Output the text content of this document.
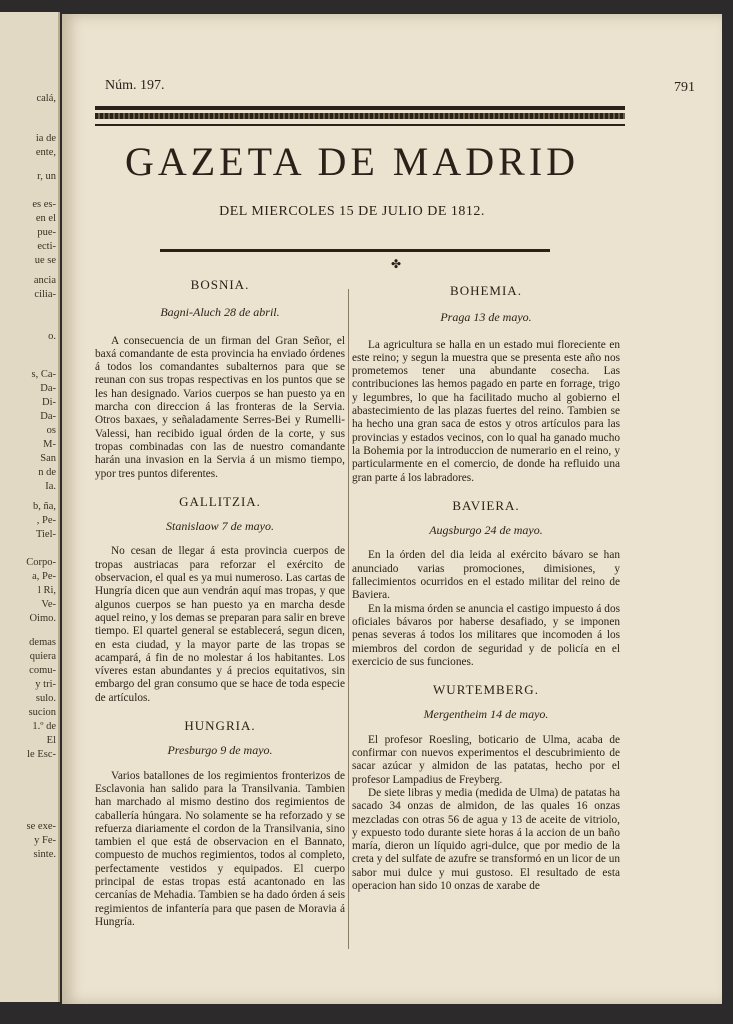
calá,
ia de
ente,
r, un
es es-
en el
pue-
ecti-
ue se
ancia
cilia-
o.
s, Ca-
Da-
Di-
Da-
os
M-
San
n de
Ia.
b, ña,
, Pe-
Tiel-
Corpo-
a, Pe-
l Ri,
Ve-
Oimo.
demas
quiera
comu-
y tri-
sulo.
sucion
1.º de
El
le Esc-
se exe-
y Fe-
sinte.
Núm. 197.	791
GAZETA DE MADRID
DEL MIERCOLES 15 DE JULIO DE 1812.
✤
BOSNIA.
Bagni-Aluch 28 de abril.

A consecuencia de un firman del Gran Señor, el baxá comandante de esta provincia ha enviado órdenes á todos los comandantes subalternos para que se reunan con sus tropas respectivas en los puntos que se les han designado. Varios cuerpos se han puesto ya en marcha con direccion á las fronteras de la Servia. Otros baxaes, y señaladamente Serres-Bei y Rumelli-Valessi, han recibido igual órden de la corte, y sus tropas combinadas con las de nuestro comandante harán una invasion en la Servia á un mismo tiempo, ypor tres puntos diferentes.

GALLITZIA.
Stanislaow 7 de mayo.

No cesan de llegar á esta provincia cuerpos de tropas austriacas para reforzar el exército de observacion, el qual es ya mui numeroso. Las cartas de Hungría dicen que aun vendrán aquí mas tropas, y que algunos cuerpos se han puesto ya en marcha desde aquel reino, y los demas se preparan para salir en breve tiempo. El quartel general se establecerá, segun dicen, en esta ciudad, y la mayor parte de las tropas se acampará, á fin de no molestar á los habitantes. Los víveres estan abundantes y á precios equitativos, sin embargo del gran consumo que se hace de toda especie de artículos.

HUNGRIA.
Presburgo 9 de mayo.

Varios batallones de los regimientos fronterizos de Esclavonia han salido para la Transilvania. Tambien han marchado al mismo destino dos regimientos de caballería húngara. No solamente se ha reforzado y se refuerza diariamente el cordon de la Transilvania, sino tambien el que está de observacion en el Bannato, compuesto de muchos regimientos, todos al completo, perfectamente vestidos y equipados. El cuerpo principal de estas tropas está acantonado en las cercanías de Mehadia. Tambien se ha dado órden á seis regimientos de infantería para que pasen de Moravia á Hungría.

BOHEMIA.
Praga 13 de mayo.

La agricultura se halla en un estado mui floreciente en este reino; y segun la muestra que se presenta este año nos prometemos tener una abundante cosecha. Las contribuciones las hemos pagado en parte en forrage, trigo y legumbres, lo que ha facilitado mucho al gobierno el abastecimiento de las plazas fuertes del reino. Tambien se ha hecho una gran saca de estos y otros artículos para las provincias y estados vecinos, con lo qual ha ganado mucho la Bohemia por la introduccion de numerario en el reino, y particularmente en el comercio, de donde ha refluido una gran parte á los labradores.

BAVIERA.
Augsburgo 24 de mayo.

En la órden del dia leida al exército bávaro se han anunciado varias promociones, dimisiones, y fallecimientos ocurridos en el estado militar del reino de Baviera.

En la misma órden se anuncia el castigo impuesto á dos oficiales bávaros por haberse desafiado, y se imponen penas severas á todos los militares que incomoden á los miembros del cordon de seguridad y de policía en el exercicio de sus funciones.

WURTEMBERG.
Mergentheim 14 de mayo.

El profesor Roesling, boticario de Ulma, acaba de confirmar con nuevos experimentos el descubrimiento de sacar azúcar y almidon de las patatas, hecho por el profesor Lampadius de Freyberg.

De siete libras y media (medida de Ulma) de patatas ha sacado 34 onzas de almidon, de las quales 16 onzas mezcladas con otras 56 de agua y 13 de aceite de vitriolo, y expuesto todo durante siete horas á la accion de un baño maría, dieron un líquido agri-dulce, que por medio de la creta y del sulfate de azufre se transformó en un licor de un sabor mui dulce y mui gustoso. El resultado de esta operacion han sido 10 onzas de xarabe de
